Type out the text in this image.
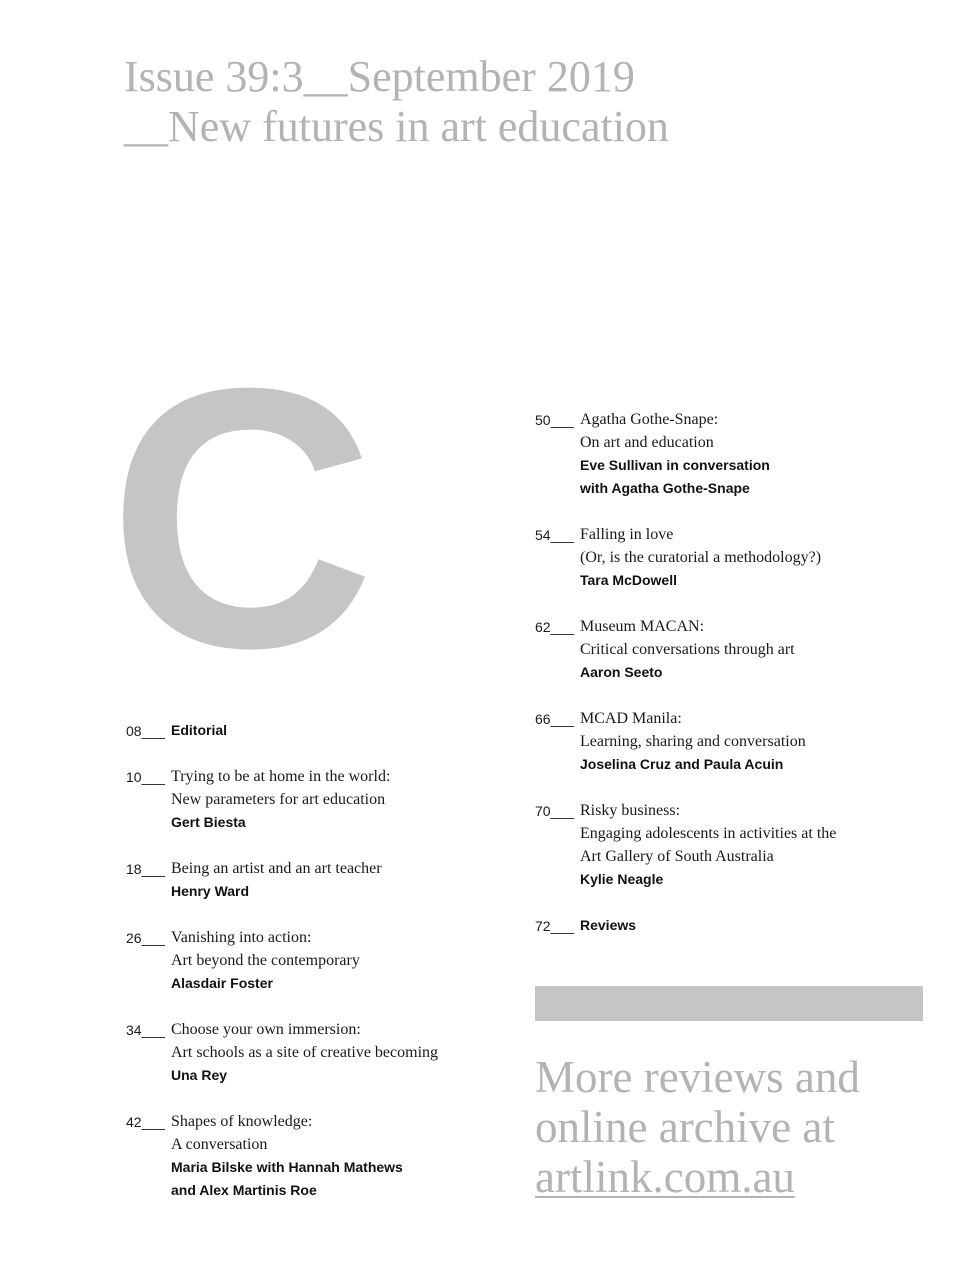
Issue 39:3__September 2019
__New futures in art education
C
08___ Editorial
10___ Trying to be at home in the world:
New parameters for art education
Gert Biesta
18___ Being an artist and an art teacher
Henry Ward
26___ Vanishing into action:
Art beyond the contemporary
Alasdair Foster
34___ Choose your own immersion:
Art schools as a site of creative becoming
Una Rey
42___ Shapes of knowledge:
A conversation
Maria Bilske with Hannah Mathews
and Alex Martinis Roe
50___ Agatha Gothe-Snape:
On art and education
Eve Sullivan in conversation
with Agatha Gothe-Snape
54___ Falling in love
(Or, is the curatorial a methodology?)
Tara McDowell
62___ Museum MACAN:
Critical conversations through art
Aaron Seeto
66___ MCAD Manila:
Learning, sharing and conversation
Joselina Cruz and Paula Acuin
70___ Risky business:
Engaging adolescents in activities at the
Art Gallery of South Australia
Kylie Neagle
72___ Reviews
More reviews and
online archive at
artlink.com.au
